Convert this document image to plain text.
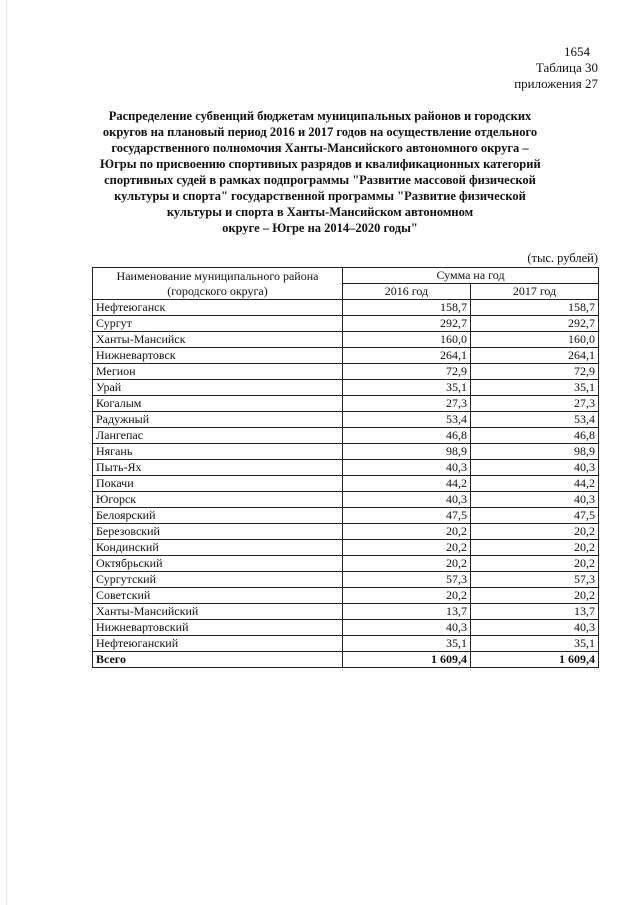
1654
Таблица 30
приложения 27
Распределение субвенций бюджетам муниципальных районов и городских
округов на плановый период 2016 и 2017 годов на осуществление отдельного
государственного полномочия Ханты-Мансийского автономного округа –
Югры по присвоению спортивных разрядов и квалификационных категорий
спортивных судей в рамках подпрограммы "Развитие массовой физической
культуры и спорта" государственной программы "Развитие физической
культуры и спорта в Ханты-Мансийском автономном
округе – Югре на 2014–2020 годы"
(тыс. рублей)
Наименование муниципального района
(городского округа)	Сумма на год	
	2016 год	2017 год
Нефтеюганск	158,7	158,7
Сургут	292,7	292,7
Ханты-Мансийск	160,0	160,0
Нижневартовск	264,1	264,1
Мегион	72,9	72,9
Урай	35,1	35,1
Когалым	27,3	27,3
Радужный	53,4	53,4
Лангепас	46,8	46,8
Нягань	98,9	98,9
Пыть-Ях	40,3	40,3
Покачи	44,2	44,2
Югорск	40,3	40,3
Белоярский	47,5	47,5
Березовский	20,2	20,2
Кондинский	20,2	20,2
Октябрьский	20,2	20,2
Сургутский	57,3	57,3
Советский	20,2	20,2
Ханты-Мансийский	13,7	13,7
Нижневартовский	40,3	40,3
Нефтеюганский	35,1	35,1
Всего	1 609,4	1 609,4
